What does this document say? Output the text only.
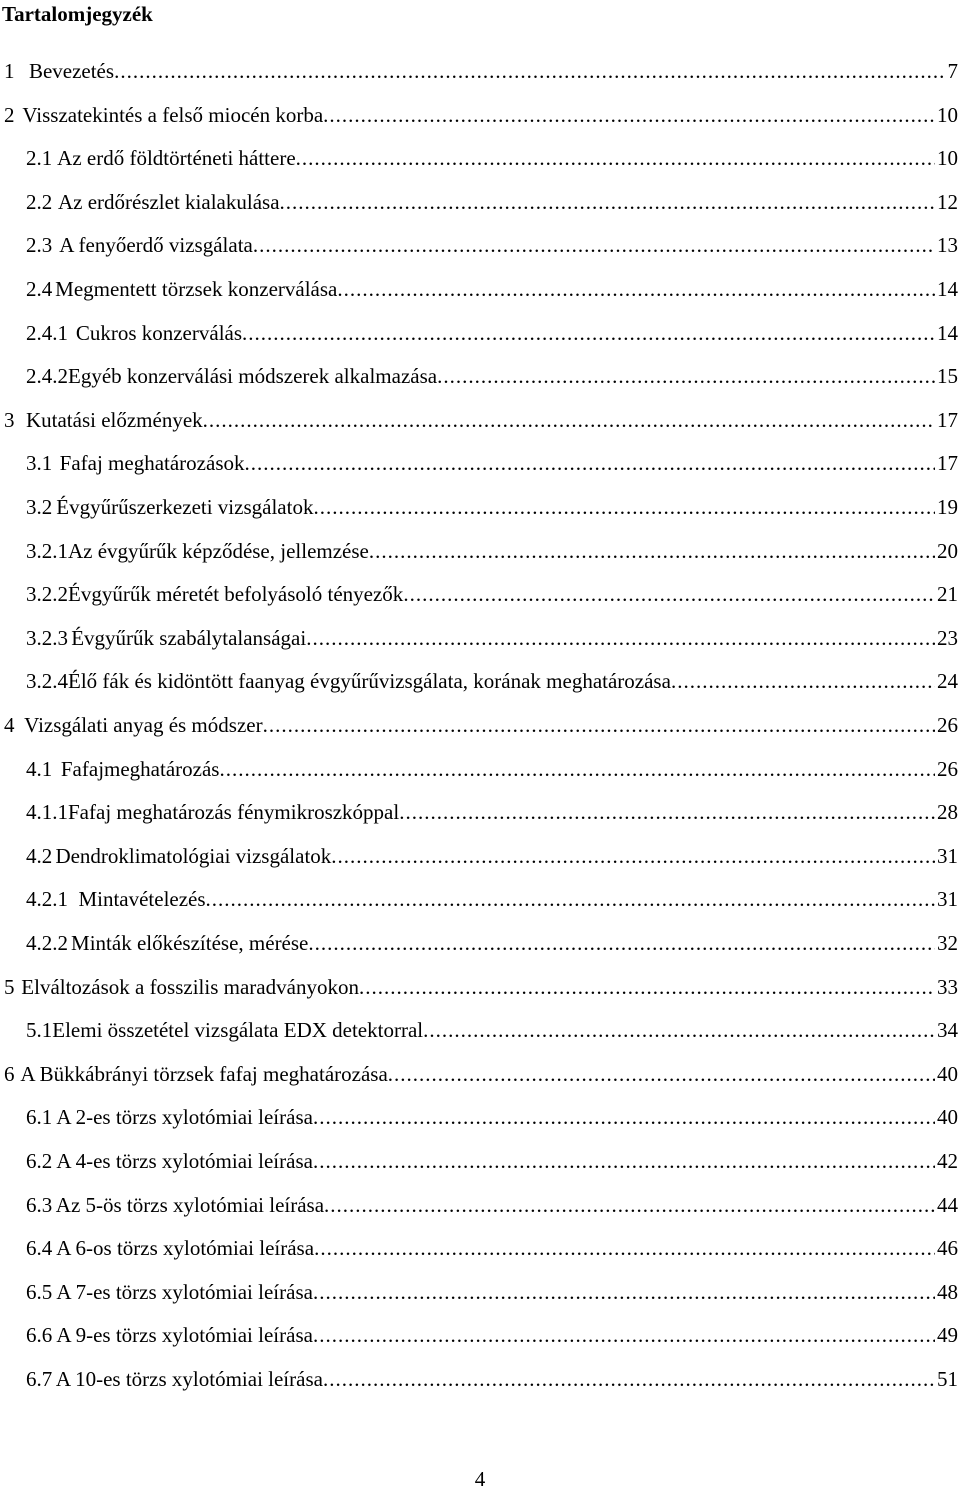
Tartalomjegyzék
1 Bevezetés .....	7
2 Visszatekintés a felső miocén korba .....	10
2.1 Az erdő földtörténeti háttere .....	10
2.2 Az erdőrészlet kialakulása .....	12
2.3 A fenyőerdő vizsgálata .....	13
2.4 Megmentett törzsek konzerválása .....	14
2.4.1 Cukros konzerválás .....	14
2.4.2 Egyéb konzerválási módszerek alkalmazása .....	15
3 Kutatási előzmények .....	17
3.1 Fafaj meghatározások .....	17
3.2 Évgyűrűszerkezeti vizsgálatok .....	19
3.2.1 Az évgyűrűk képződése, jellemzése .....	20
3.2.2 Évgyűrűk méretét befolyásoló tényezők .....	21
3.2.3 Évgyűrűk szabálytalanságai .....	23
3.2.4 Élő fák és kidöntött faanyag évgyűrűvizsgálata, korának meghatározása .....	24
4 Vizsgálati anyag és módszer .....	26
4.1 Fafajmeghatározás .....	26
4.1.1 Fafaj meghatározás fénymikroszkóppal .....	28
4.2 Dendroklimatológiai vizsgálatok .....	31
4.2.1 Mintavételezés .....	31
4.2.2 Minták előkészítése, mérése .....	32
5 Elváltozások a fosszilis maradványokon .....	33
5.1 Elemi összetétel vizsgálata EDX detektorral .....	34
6 A Bükkábrányi törzsek fafaj meghatározása .....	40
6.1 A 2-es törzs xylotómiai leírása .....	40
6.2 A 4-es törzs xylotómiai leírása .....	42
6.3 Az 5-ös törzs xylotómiai leírása .....	44
6.4 A 6-os törzs xylotómiai leírása .....	46
6.5 A 7-es törzs xylotómiai leírása .....	48
6.6 A 9-es törzs xylotómiai leírása .....	49
6.7 A 10-es törzs xylotómiai leírása .....	51
4
